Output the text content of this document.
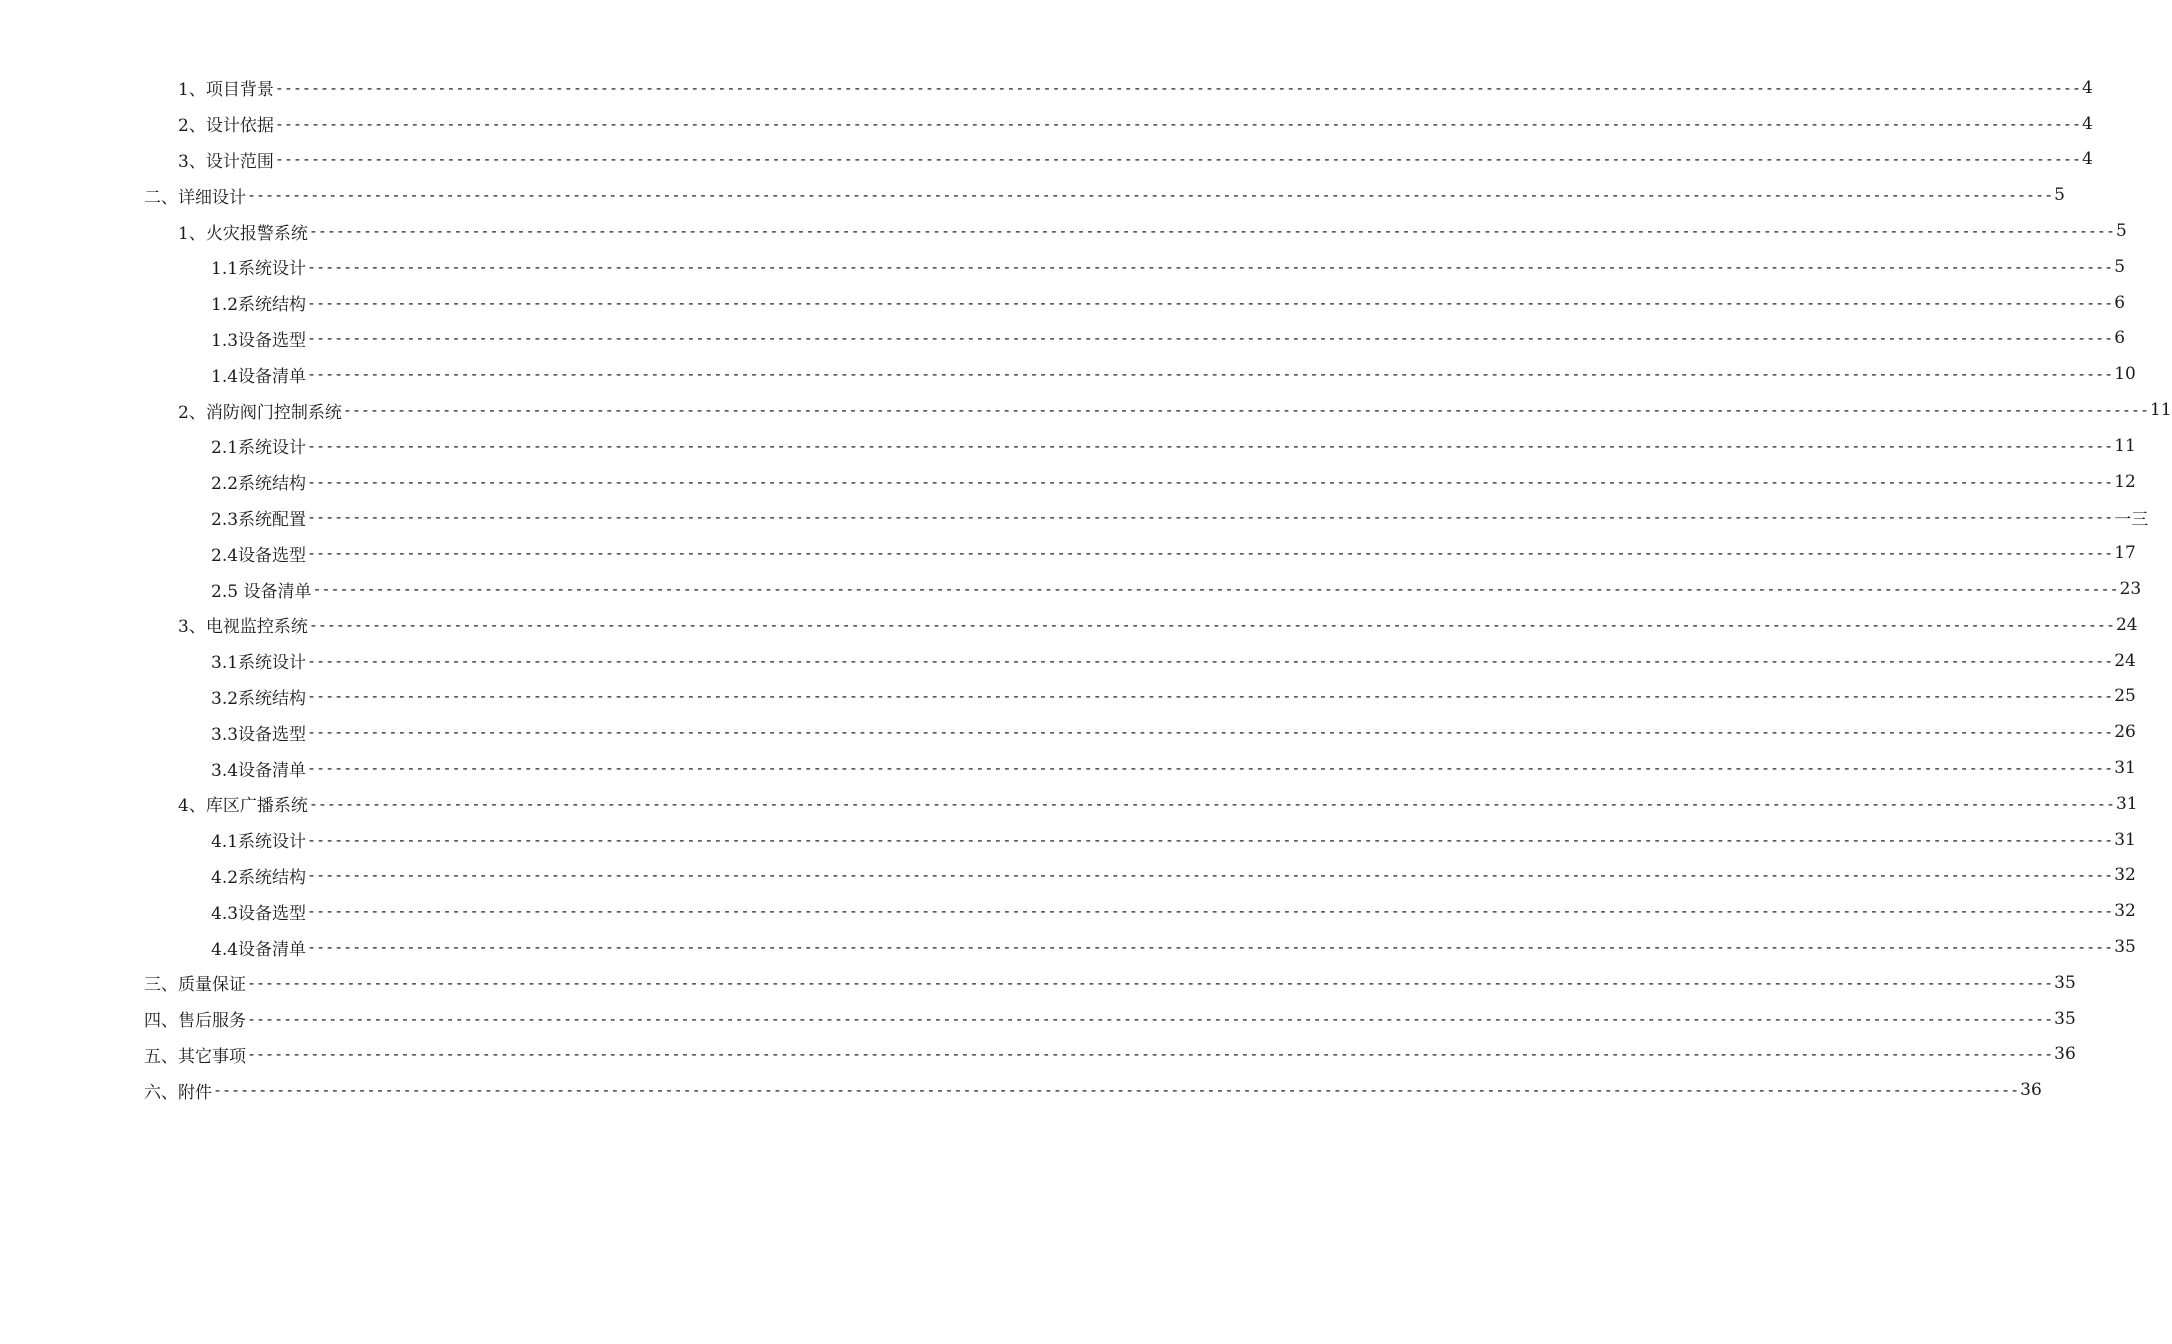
1、项目背景 -------------------------------------------------------------------------------------------------------------------------------------------------------------------------------------------------------- 4
2、设计依据 -------------------------------------------------------------------------------------------------------------------------------------------------------------------------------------------------------- 4
3、设计范围 -------------------------------------------------------------------------------------------------------------------------------------------------------------------------------------------------------- 4
二、 详细设计 -------------------------------------------------------------------------------------------------------------------------------------------------------------------------------------------------------- 5
1、火灾报警系统 -------------------------------------------------------------------------------------------------------------------------------------------------------------------------------------------------------- 5
1.1系统设计 -------------------------------------------------------------------------------------------------------------------------------------------------------------------------------------------------------- 5
1.2系统结构 -------------------------------------------------------------------------------------------------------------------------------------------------------------------------------------------------------- 6
1.3设备选型 -------------------------------------------------------------------------------------------------------------------------------------------------------------------------------------------------------- 6
1.4设备清单 -------------------------------------------------------------------------------------------------------------------------------------------------------------------------------------------------------- 10
2、消防阀门控制系统 -------------------------------------------------------------------------------------------------------------------------------------------------------------------------------------------------------- 11
2.1系统设计 -------------------------------------------------------------------------------------------------------------------------------------------------------------------------------------------------------- 11
2.2系统结构 -------------------------------------------------------------------------------------------------------------------------------------------------------------------------------------------------------- 12
2.3系统配置 -------------------------------------------------------------------------------------------------------------------------------------------------------------------------------------------------------- 一三
2.4设备选型 -------------------------------------------------------------------------------------------------------------------------------------------------------------------------------------------------------- 17
2.5 设备清单 -------------------------------------------------------------------------------------------------------------------------------------------------------------------------------------------------------- 23
3、电视监控系统 -------------------------------------------------------------------------------------------------------------------------------------------------------------------------------------------------------- 24
3.1系统设计 -------------------------------------------------------------------------------------------------------------------------------------------------------------------------------------------------------- 24
3.2系统结构 -------------------------------------------------------------------------------------------------------------------------------------------------------------------------------------------------------- 25
3.3设备选型 -------------------------------------------------------------------------------------------------------------------------------------------------------------------------------------------------------- 26
3.4设备清单 -------------------------------------------------------------------------------------------------------------------------------------------------------------------------------------------------------- 31
4、库区广播系统 -------------------------------------------------------------------------------------------------------------------------------------------------------------------------------------------------------- 31
4.1系统设计 -------------------------------------------------------------------------------------------------------------------------------------------------------------------------------------------------------- 31
4.2系统结构 -------------------------------------------------------------------------------------------------------------------------------------------------------------------------------------------------------- 32
4.3设备选型 -------------------------------------------------------------------------------------------------------------------------------------------------------------------------------------------------------- 32
4.4设备清单 -------------------------------------------------------------------------------------------------------------------------------------------------------------------------------------------------------- 35
三、 质量保证 -------------------------------------------------------------------------------------------------------------------------------------------------------------------------------------------------------- 35
四、 售后服务 -------------------------------------------------------------------------------------------------------------------------------------------------------------------------------------------------------- 35
五、 其它事项 -------------------------------------------------------------------------------------------------------------------------------------------------------------------------------------------------------- 36
六、 附件 -------------------------------------------------------------------------------------------------------------------------------------------------------------------------------------------------------- 36
